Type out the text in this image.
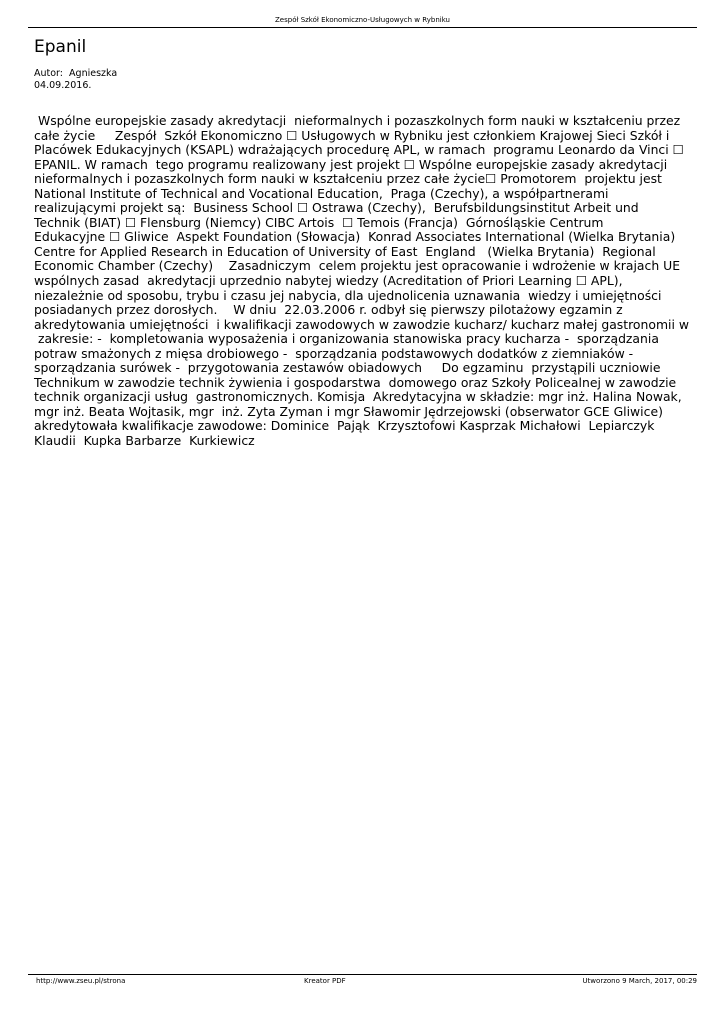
Zespół Szkół Ekonomiczno-Usługowych w Rybniku
Epanil
Autor:  Agnieszka
04.09.2016.
Wspólne europejskie zasady akredytacji  nieformalnych i pozaszkolnych form nauki w kształceniu przez
całe życie     Zespół  Szkół Ekonomiczno ☐ Usługowych w Rybniku jest członkiem Krajowej Sieci Szkół i
Placówek Edukacyjnych (KSAPL) wdrażających procedurę APL, w ramach  programu Leonardo da Vinci ☐
EPANIL. W ramach  tego programu realizowany jest projekt ☐ Wspólne europejskie zasady akredytacji
nieformalnych i pozaszkolnych form nauki w kształceniu przez całe życie☐ Promotorem  projektu jest
National Institute of Technical and Vocational Education,  Praga (Czechy), a współpartnerami
realizującymi projekt są:  Business School ☐ Ostrawa (Czechy),  Berufsbildungsinstitut Arbeit und
Technik (BIAT) ☐ Flensburg (Niemcy) CIBC Artois  ☐ Temois (Francja)  Górnośląskie Centrum
Edukacyjne ☐ Gliwice  Aspekt Foundation (Słowacja)  Konrad Associates International (Wielka Brytania)
Centre for Applied Research in Education of University of East  England   (Wielka Brytania)  Regional
Economic Chamber (Czechy)    Zasadniczym  celem projektu jest opracowanie i wdrożenie w krajach UE
wspólnych zasad  akredytacji uprzednio nabytej wiedzy (Acreditation of Priori Learning ☐ APL),
niezależnie od sposobu, trybu i czasu jej nabycia, dla ujednolicenia uznawania  wiedzy i umiejętności
posiadanych przez dorosłych.    W dniu  22.03.2006 r. odbył się pierwszy pilotażowy egzamin z
akredytowania umiejętności  i kwalifikacji zawodowych w zawodzie kucharz/ kucharz małej gastronomii w
zakresie: -  kompletowania wyposażenia i organizowania stanowiska pracy kucharza -  sporządzania
potraw smażonych z mięsa drobiowego -  sporządzania podstawowych dodatków z ziemniaków -
sporządzania surówek -  przygotowania zestawów obiadowych     Do egzaminu  przystąpili uczniowie
Technikum w zawodzie technik żywienia i gospodarstwa  domowego oraz Szkoły Policealnej w zawodzie
technik organizacji usług  gastronomicznych. Komisja  Akredytacyjna w składzie: mgr inż. Halina Nowak,
mgr inż. Beata Wojtasik, mgr  inż. Zyta Zyman i mgr Sławomir Jędrzejowski (obserwator GCE Gliwice)
akredytowała kwalifikacje zawodowe: Dominice  Pająk  Krzysztofowi Kasprzak Michałowi  Lepiarczyk
Klaudii  Kupka Barbarze  Kurkiewicz
http://www.zseu.pl/strona	Kreator PDF	Utworzono 9 March, 2017, 00:29
